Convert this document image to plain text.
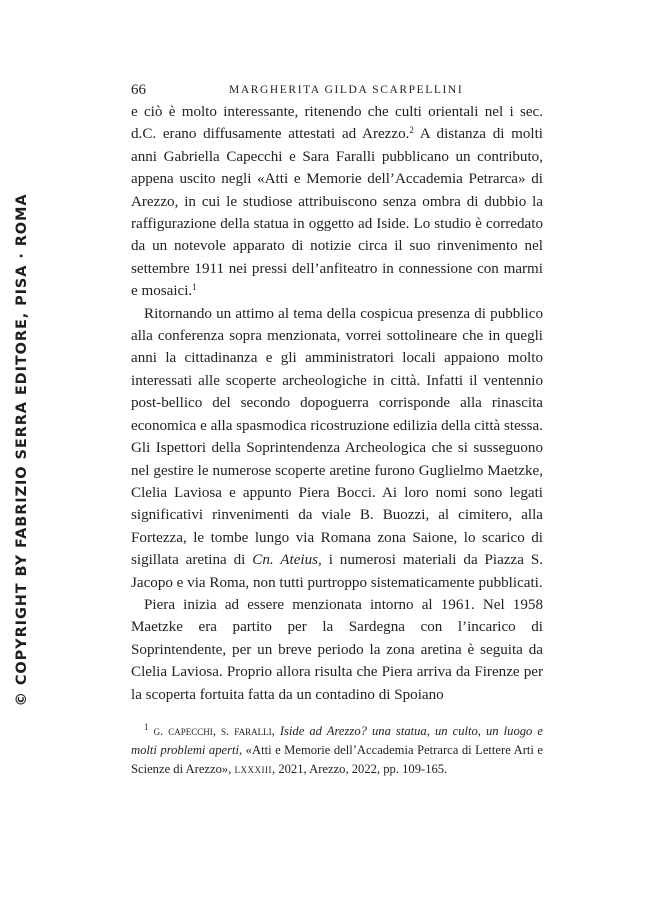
© COPYRIGHT BY FABRIZIO SERRA EDITORE, PISA · ROMA
66	MARGHERITA GILDA SCARPELLINI

e ciò è molto interessante, ritenendo che culti orientali nel i sec. d.C. erano diffusamente attestati ad Arezzo.$^2$ A distanza di molti anni Gabriella Capecchi e Sara Faralli pubblicano un contributo, appena uscito negli «Atti e Memorie dell’Accademia Petrarca» di Arezzo, in cui le studiose attribuiscono senza ombra di dubbio la raffigurazione della statua in oggetto ad Iside. Lo studio è corredato da un notevole apparato di notizie circa il suo rinvenimento nel settembre 1911 nei pressi dell’anfiteatro in connessione con marmi e mosaici.$^1$

Ritornando un attimo al tema della cospicua presenza di pubblico alla conferenza sopra menzionata, vorrei sottolineare che in quegli anni la cittadinanza e gli amministratori locali appaiono molto interessati alle scoperte archeologiche in città. Infatti il ventennio post-bellico del secondo dopoguerra corrisponde alla rinascita economica e alla spasmodica ricostruzione edilizia della città stessa. Gli Ispettori della Soprintendenza Archeologica che si susseguono nel gestire le numerose scoperte aretine furono Guglielmo Maetzke, Clelia Laviosa e appunto Piera Bocci. Ai loro nomi sono legati significativi rinvenimenti da viale B. Buozzi, al cimitero, alla Fortezza, le tombe lungo via Romana zona Saione, lo scarico di sigillata aretina di Cn. Ateius, i numerosi materiali da Piazza S. Jacopo e via Roma, non tutti purtroppo sistematicamente pubblicati.

Piera inizia ad essere menzionata intorno al 1961. Nel 1958 Maetzke era partito per la Sardegna con l’incarico di Soprintendente, per un breve periodo la zona aretina è seguita da Clelia Laviosa. Proprio allora risulta che Piera arriva da Firenze per la scoperta fortuita fatta da un contadino di Spoiano

$^1$ g. capecchi, s. faralli, Iside ad Arezzo? una statua, un culto, un luogo e molti problemi aperti, «Atti e Memorie dell’Accademia Petrarca di Lettere Arti e Scienze di Arezzo», lxxxiii, 2021, Arezzo, 2022, pp. 109-165.
